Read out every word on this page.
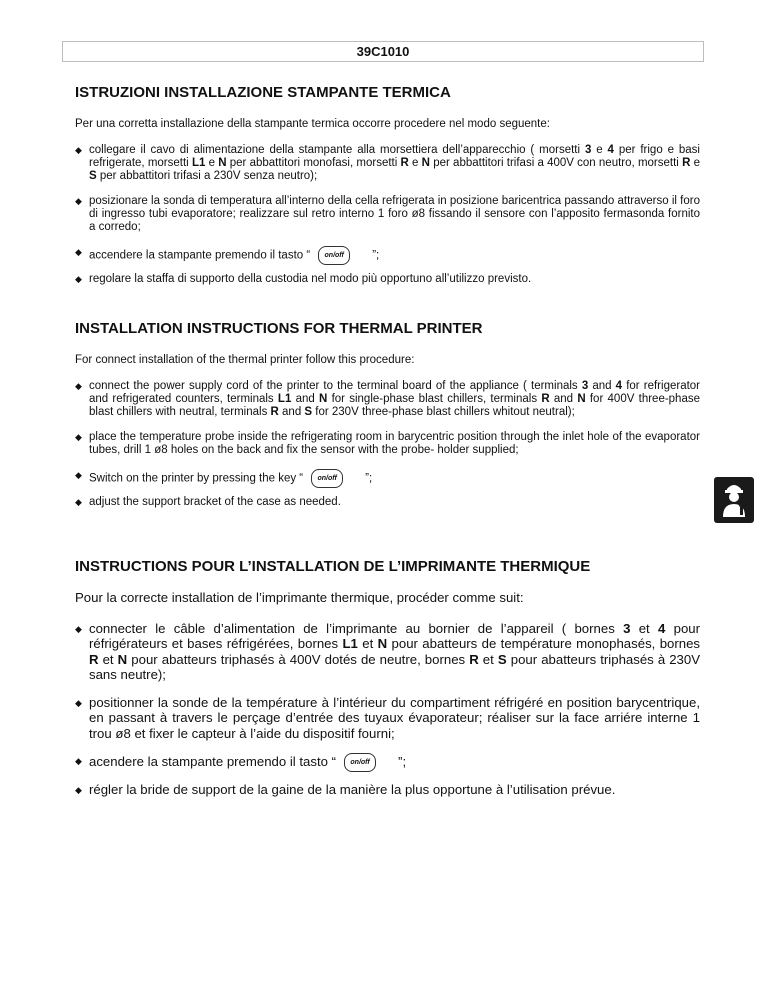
39C1010
ISTRUZIONI INSTALLAZIONE STAMPANTE TERMICA

Per una corretta installazione della stampante termica occorre procedere nel modo seguente:

◆ collegare il cavo di alimentazione della stampante alla morsettiera dell’apparecchio ( morsetti 3 e 4 per frigo e basi refrigerate, morsetti L1 e N per abbattitori monofasi, morsetti R e N per abbattitori trifasi a 400V con neutro, morsetti R e S per abbattitori trifasi a 230V senza neutro);
◆ posizionare la sonda di temperatura all’interno della cella refrigerata in posizione baricentrica passando attraverso il foro di ingresso tubi evaporatore; realizzare sul retro interno 1 foro ø8 fissando il sensore con l’apposito fermasonda fornito a corredo;
◆ accendere la stampante premendo il tasto “ on/off ”;
◆ regolare la staffa di supporto della custodia nel modo più opportuno all’utilizzo previsto.
INSTALLATION INSTRUCTIONS FOR THERMAL PRINTER

For connect installation of the thermal printer follow this procedure:

◆ connect the power supply cord of the printer to the terminal board of the appliance ( terminals 3 and 4 for refrigerator and refrigerated counters, terminals L1 and N for single-phase blast chillers, terminals R and N for 400V three-phase blast chillers with neutral, terminals R and S for 230V three-phase blast chillers whitout neutral);
◆ place the temperature probe inside the refrigerating room in barycentric position through the inlet hole of the evaporator tubes, drill 1 ø8 holes on the back and fix the sensor with the probe- holder supplied;
◆ Switch on the printer by pressing the key “ on/off ”;
◆ adjust the support bracket of the case as needed.
INSTRUCTIONS POUR L’INSTALLATION DE L’IMPRIMANTE THERMIQUE

Pour la correcte installation de l’imprimante thermique, procéder comme suit:

◆ connecter le câble d’alimentation de l’imprimante au bornier de l’appareil ( bornes 3 et 4 pour réfrigérateurs et bases réfrigérées, bornes L1 et N pour abatteurs de température monophasés, bornes R et N pour abatteurs triphasés à 400V dotés de neutre, bornes R et S pour abatteurs triphasés à 230V sans neutre);
◆ positionner la sonde de la température à l’intérieur du compartiment réfrigéré en position barycentrique, en passant à travers le perçage d’entrée des tuyaux évaporateur; réaliser sur la face arriére interne 1 trou ø8 et fixer le capteur à l’aide du dispositif fourni;
◆ acendere la stampante premendo il tasto “ on/off ”;
◆ régler la bride de support de la gaine de la manière la plus opportune à l’utilisation prévue.
